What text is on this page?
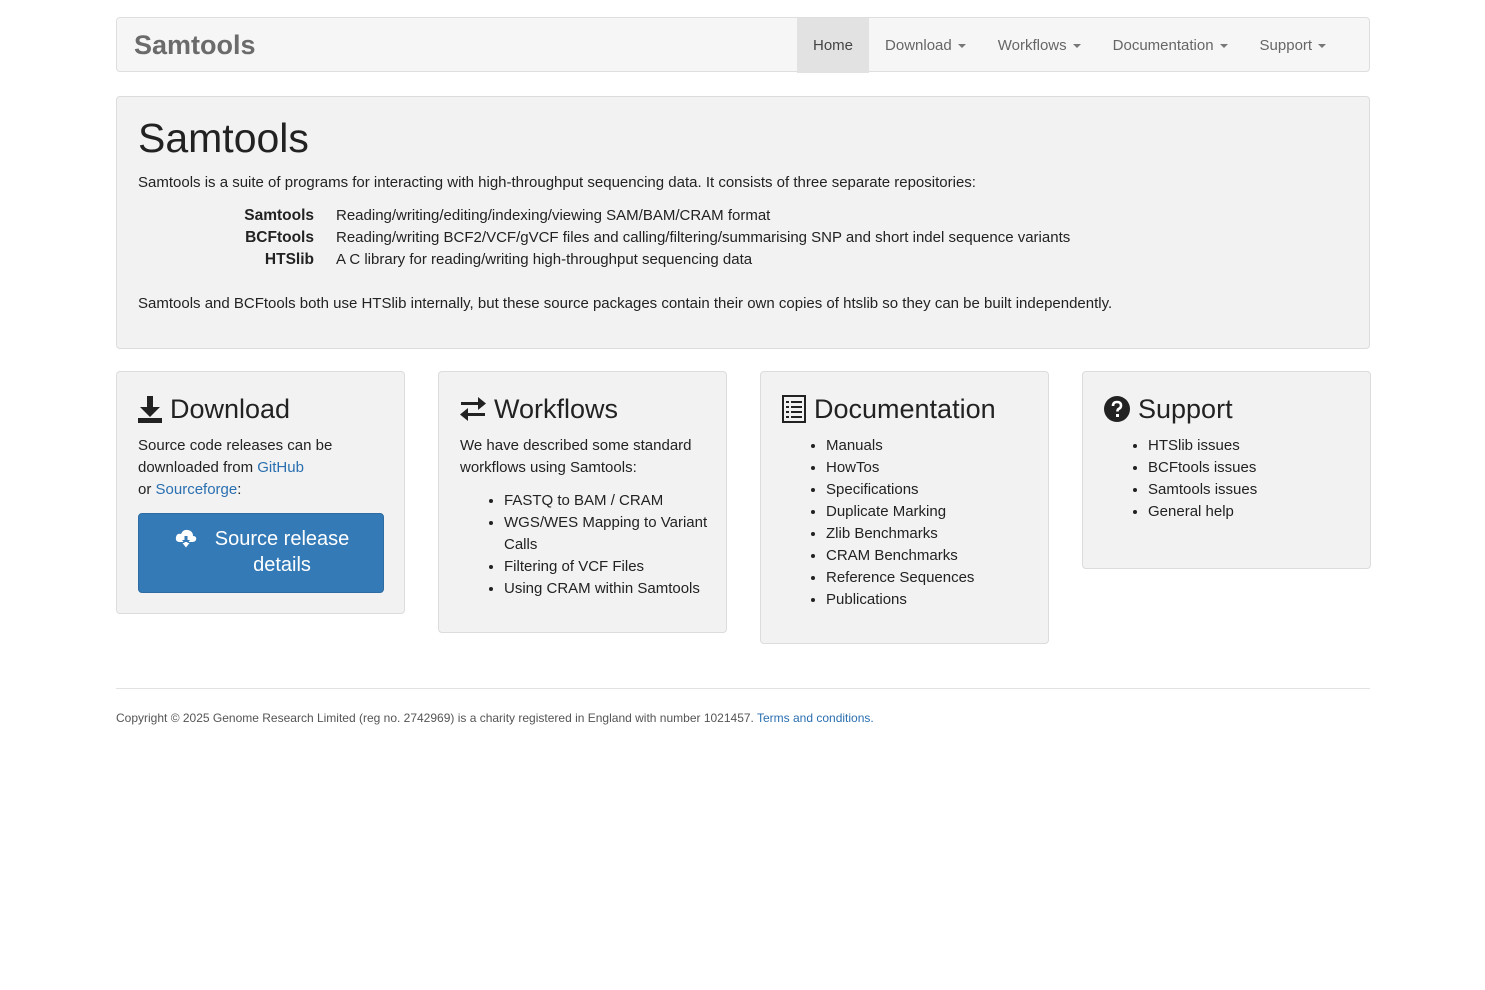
Samtools	Home Download	Workflows	Documentation	Support
Samtools

Samtools is a suite of programs for interacting with high-throughput sequencing data. It consists of three separate repositories:

Samtools Reading/writing/editing/indexing/viewing SAM/BAM/CRAM format
BCFtools Reading/writing BCF2/VCF/gVCF files and calling/filtering/summarising SNP and short indel sequence variants
HTSlib A C library for reading/writing high-throughput sequencing data

Samtools and BCFtools both use HTSlib internally, but these source packages contain their own copies of htslib so they can be built independently.

Download

Source code releases can be downloaded from GitHub
or Sourceforge:

Source release details
Workflows

We have described some standard workflows using Samtools:

• FASTQ to BAM / CRAM
• WGS/WES Mapping to Variant Calls
• Filtering of VCF Files
• Using CRAM within Samtools
Documentation
• Manuals
• HowTos
• Specifications
• Duplicate Marking
• Zlib Benchmarks
• CRAM Benchmarks
• Reference Sequences
• Publications
Support
• HTSlib issues
• BCFtools issues
• Samtools issues
• General help
Copyright © 2025 Genome Research Limited (reg no. 2742969) is a charity registered in England with number 1021457. Terms and conditions.
